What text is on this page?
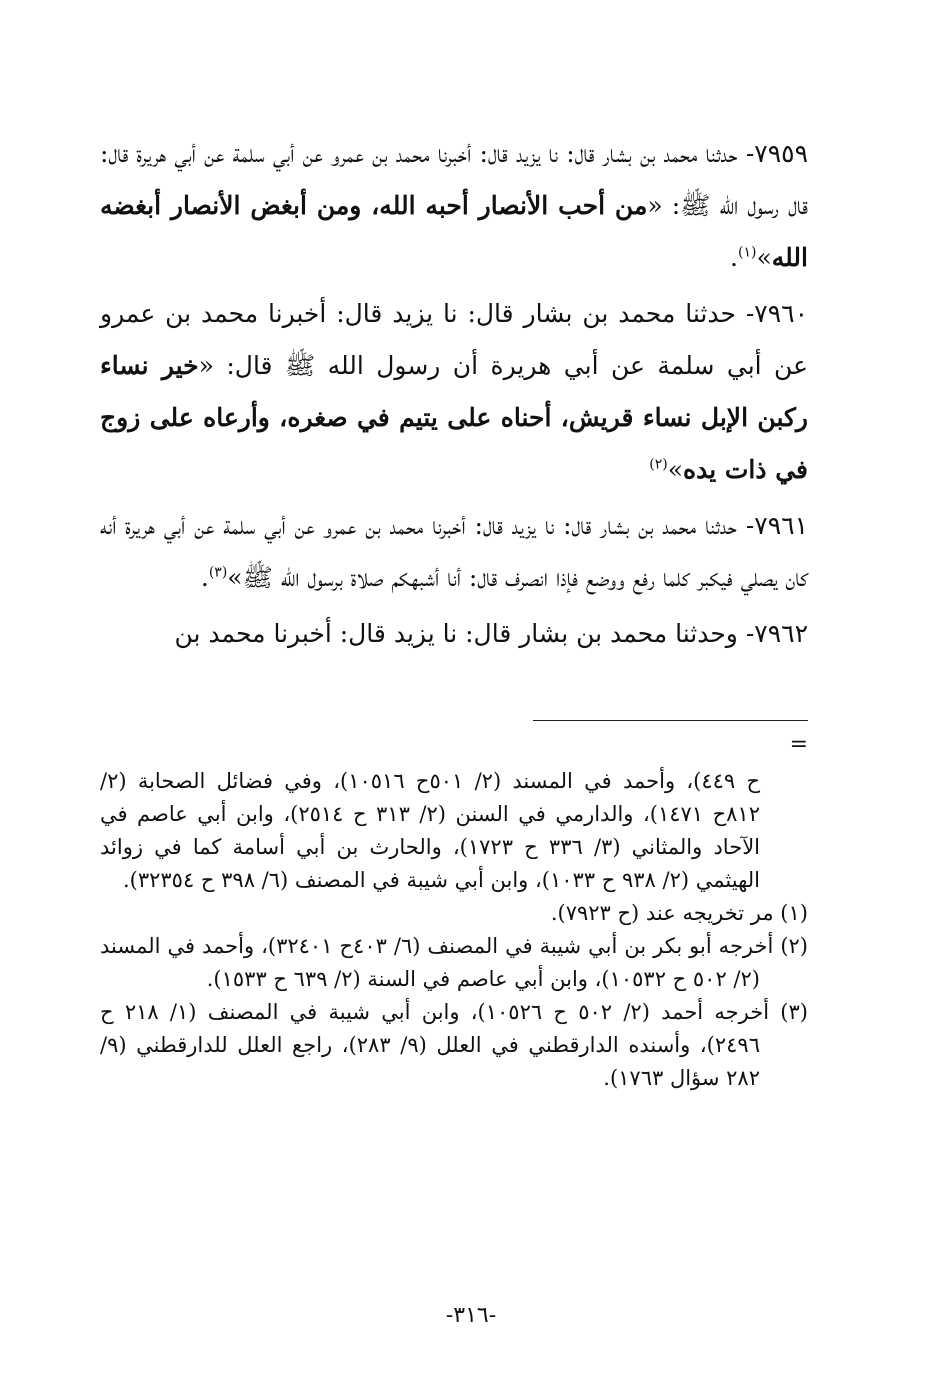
٧٩٥٩- حدثنا محمد بن بشار قال: نا يزيد قال: أخبرنا محمد بن عمرو عن أبي سلمة عن أبي هريرة قال: قال رسول الله ﷺ: «من أحب الأنصار أحبه الله، ومن أبغض الأنصار أبغضه الله»$^{(١)}$.

٧٩٦٠- حدثنا محمد بن بشار قال: نا يزيد قال: أخبرنا محمد بن عمرو عن أبي سلمة عن أبي هريرة أن رسول الله ﷺ قال: «خير نساء ركبن الإبل نساء قريش، أحناه على يتيم في صغره، وأرعاه على زوج في ذات يده»$^{(٢)}$

٧٩٦١- حدثنا محمد بن بشار قال: نا يزيد قال: أخبرنا محمد بن عمرو عن أبي سلمة عن أبي هريرة أنه كان يصلي فيكبر كلما رفع ووضع فإذا انصرف قال: أنا أشبهكم صلاة برسول الله ﷺ»$^{(٣)}$.

٧٩٦٢- وحدثنا محمد بن بشار قال: نا يزيد قال: أخبرنا محمد بن

=

ح ٤٤٩)، وأحمد في المسند (٢/ ٥٠١ح ١٠٥١٦)، وفي فضائل الصحابة (٢/ ٨١٢ح ١٤٧١)، والدارمي في السنن (٢/ ٣١٣ ح ٢٥١٤)، وابن أبي عاصم في الآحاد والمثاني (٣/ ٣٣٦ ح ١٧٢٣)، والحارث بن أبي أسامة كما في زوائد الهيثمي (٢/ ٩٣٨ ح ١٠٣٣)، وابن أبي شيبة في المصنف (٦/ ٣٩٨ ح ٣٢٣٥٤).

(١) مر تخريجه عند (ح ٧٩٢٣).

(٢) أخرجه أبو بكر بن أبي شيبة في المصنف (٦/ ٤٠٣ح ٣٢٤٠١)، وأحمد في المسند (٢/ ٥٠٢ ح ١٠٥٣٢)، وابن أبي عاصم في السنة (٢/ ٦٣٩ ح ١٥٣٣).

(٣) أخرجه أحمد (٢/ ٥٠٢ ح ١٠٥٢٦)، وابن أبي شيبة في المصنف (١/ ٢١٨ ح ٢٤٩٦)، وأسنده الدارقطني في العلل (٩/ ٢٨٣)، راجع العلل للدارقطني (٩/ ٢٨٢ سؤال ١٧٦٣).

-٣١٦-
